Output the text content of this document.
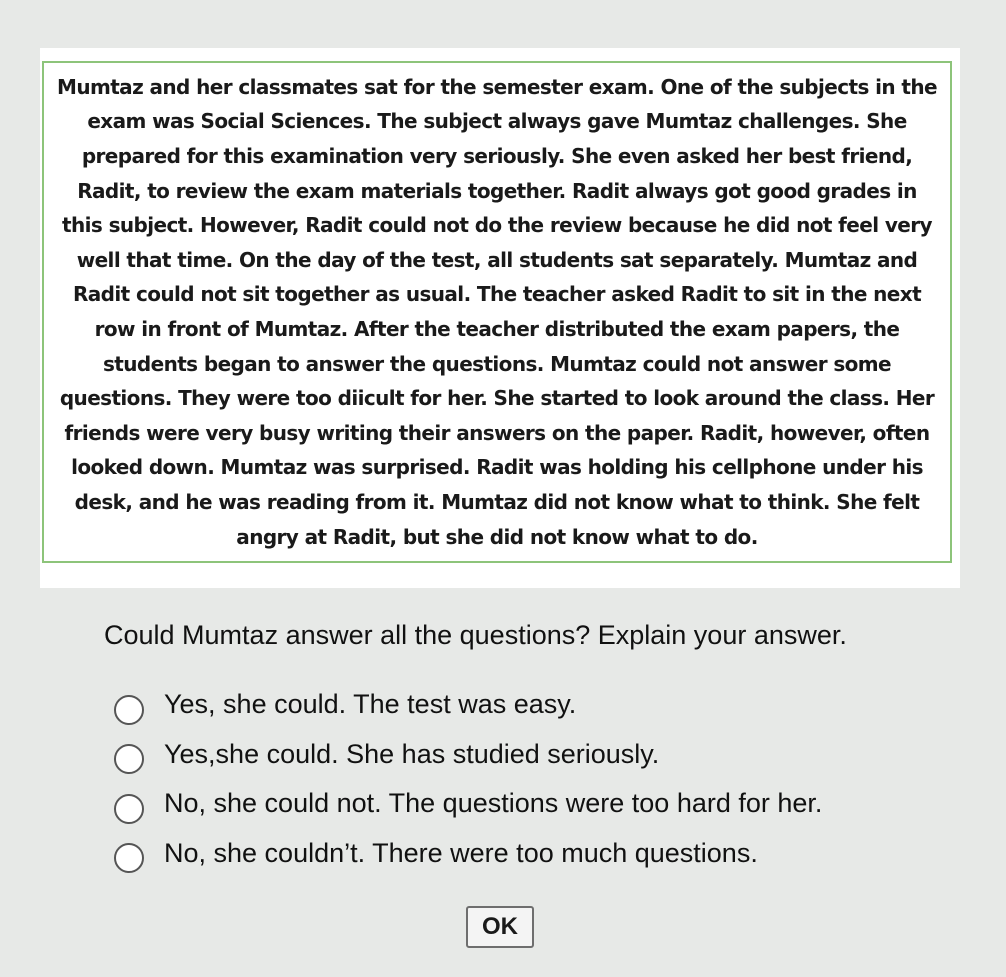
Mumtaz and her classmates sat for the semester exam. One of the subjects in the exam was Social Sciences. The subject always gave Mumtaz challenges. She prepared for this examination very seriously. She even asked her best friend, Radit, to review the exam materials together. Radit always got good grades in this subject. However, Radit could not do the review because he did not feel very well that time. On the day of the test, all students sat separately. Mumtaz and Radit could not sit together as usual. The teacher asked Radit to sit in the next row in front of Mumtaz. After the teacher distributed the exam papers, the students began to answer the questions. Mumtaz could not answer some questions. They were too diicult for her. She started to look around the class. Her friends were very busy writing their answers on the paper. Radit, however, often looked down. Mumtaz was surprised. Radit was holding his cellphone under his desk, and he was reading from it. Mumtaz did not know what to think. She felt angry at Radit, but she did not know what to do.

Could Mumtaz answer all the questions? Explain your answer.
Yes, she could. The test was easy.
Yes,she could. She has studied seriously.
No, she could not. The questions were too hard for her.
No, she couldn’t. There were too much questions.
OK
